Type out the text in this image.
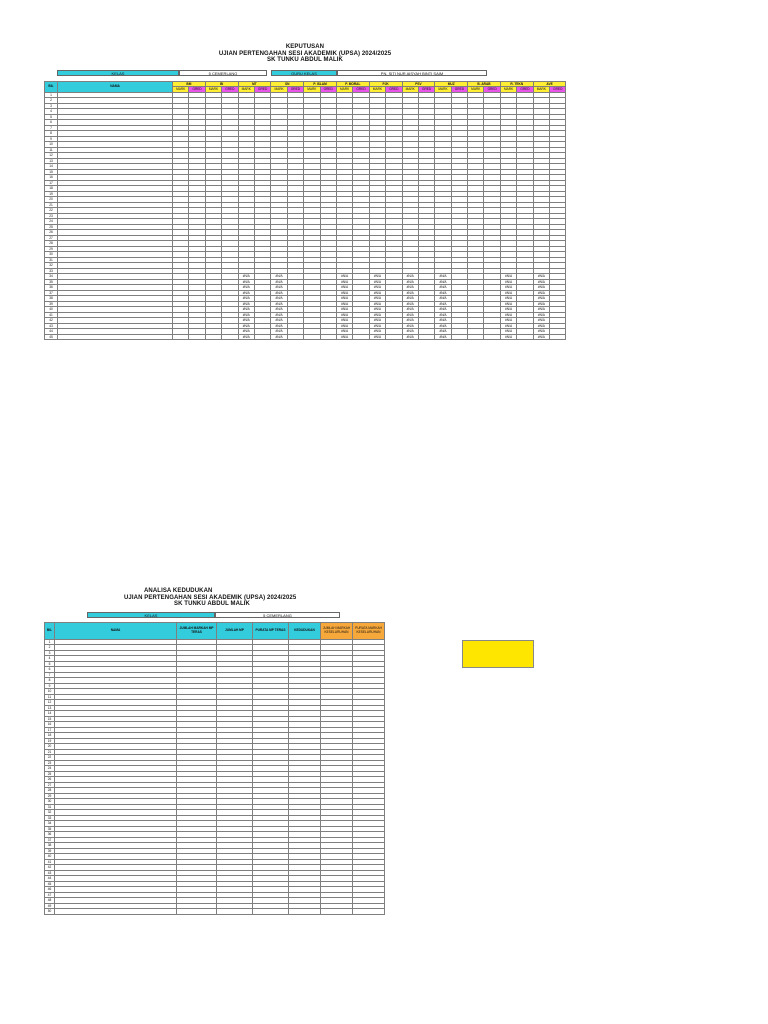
KEPUTUSAN
UJIAN PERTENGAHAN SESI AKADEMIK (UPSA) 2024/2025
SK TUNKU ABDUL MALIK
KELAS	5 CEMERLANG	GURU KELAS	PN. SITI NUR AISYAH BINTI SAIM
BIL	NAMA	BM		BI		MT		SN		P. ISLAM		P. MORAL		PJK		PSV		MUZ		B. ARAB		R. TEKN		AVE	
		MARK	GRED	MARK	GRED	MARK	GRED	MARK	GRED	MARK	GRED	MARK	GRED	MARK	GRED	MARK	GRED	MARK	GRED	MARK	GRED	MARK	GRED	MARK	GRED
1																									
2																									
3																									
4																									
5																									
6																									
7																									
8																									
9																									
10																									
11																									
12																									
13																									
14																									
15																									
16																									
17																									
18																									
19																									
20																									
21																									
22																									
23																									
24																									
25																									
26																									
27																									
28																									
29																									
30																									
31																									
32																									
33																									
34						#N/A		#N/A				#N/A		#N/A		#N/A		#N/A				#N/A		#N/A	
35						#N/A		#N/A				#N/A		#N/A		#N/A		#N/A				#N/A		#N/A	
36						#N/A		#N/A				#N/A		#N/A		#N/A		#N/A				#N/A		#N/A	
37						#N/A		#N/A				#N/A		#N/A		#N/A		#N/A				#N/A		#N/A	
38						#N/A		#N/A				#N/A		#N/A		#N/A		#N/A				#N/A		#N/A	
39						#N/A		#N/A				#N/A		#N/A		#N/A		#N/A				#N/A		#N/A	
40						#N/A		#N/A				#N/A		#N/A		#N/A		#N/A				#N/A		#N/A	
41						#N/A		#N/A				#N/A		#N/A		#N/A		#N/A				#N/A		#N/A	
42						#N/A		#N/A				#N/A		#N/A		#N/A		#N/A				#N/A		#N/A	
43						#N/A		#N/A				#N/A		#N/A		#N/A		#N/A				#N/A		#N/A	
44						#N/A		#N/A				#N/A		#N/A		#N/A		#N/A				#N/A		#N/A	
45						#N/A		#N/A				#N/A		#N/A		#N/A		#N/A				#N/A		#N/A	
ANALISA KEDUDUKAN
UJIAN PERTENGAHAN SESI AKADEMIK (UPSA) 2024/2025
SK TUNKU ABDUL MALIK
KELAS	5 CEMERLANG
BIL	NAMA	JUMLAH MARKAH MP TERAS	JUMLAH MP	PURATA MP TERAS	KEDUDUKAN	JUMLAH MARKAH KESELURUHAN	PURATA MARKAH KESELURUHAN
1							
2							
3							
4							
5							
6							
7							
8							
9							
10							
11							
12							
13							
14							
15							
16							
17							
18							
19							
20							
21							
22							
23							
24							
25							
26							
27							
28							
29							
30							
31							
32							
33							
34							
35							
36							
37							
38							
39							
40							
41							
42							
43							
44							
45							
46							
47							
48							
49							
50							
